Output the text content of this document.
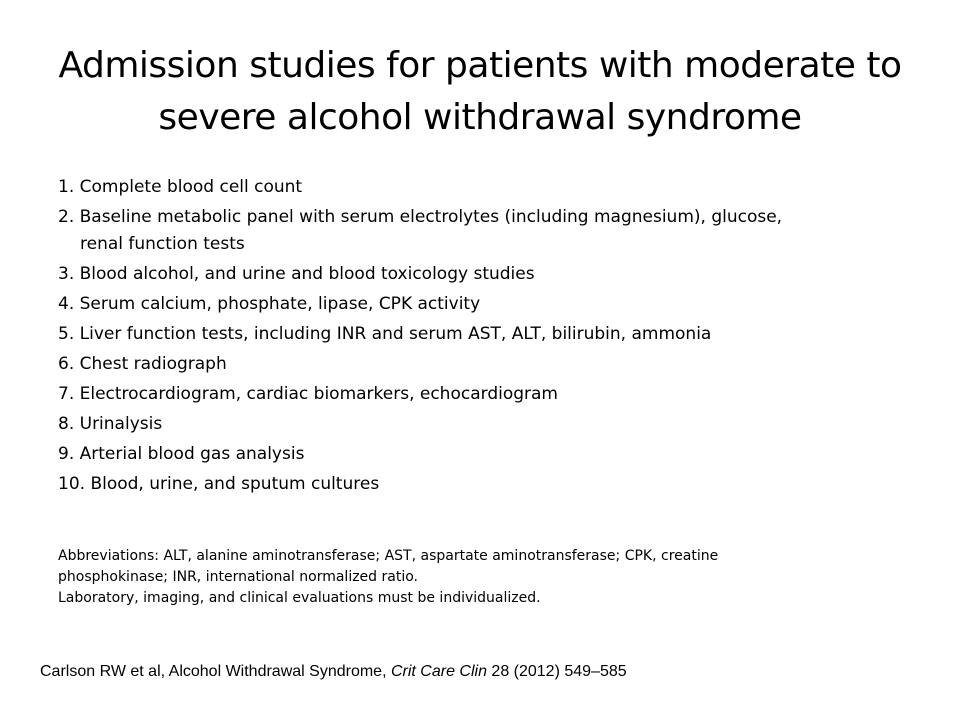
Admission studies for patients with moderate to severe alcohol withdrawal syndrome
1. Complete blood cell count
2. Baseline metabolic panel with serum electrolytes (including magnesium), glucose,
renal function tests
3. Blood alcohol, and urine and blood toxicology studies
4. Serum calcium, phosphate, lipase, CPK activity
5. Liver function tests, including INR and serum AST, ALT, bilirubin, ammonia
6. Chest radiograph
7. Electrocardiogram, cardiac biomarkers, echocardiogram
8. Urinalysis
9. Arterial blood gas analysis
10. Blood, urine, and sputum cultures
Abbreviations: ALT, alanine aminotransferase; AST, aspartate aminotransferase; CPK, creatine
phosphokinase; INR, international normalized ratio.
Laboratory, imaging, and clinical evaluations must be individualized.
Carlson RW et al, Alcohol Withdrawal Syndrome, Crit Care Clin 28 (2012) 549–585
